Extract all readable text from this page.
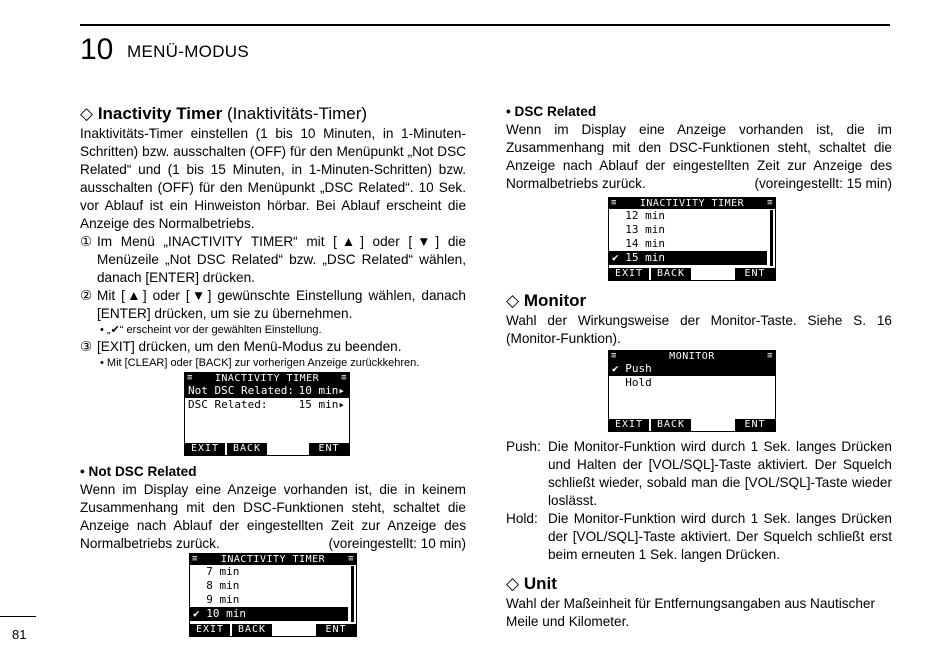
10 MENÜ-MODUS
81

◇ Inactivity Timer (Inaktivitäts-Timer)

Inaktivitäts-Timer einstellen (1 bis 10 Minuten, in 1-Minuten-Schritten) bzw. ausschalten (OFF) für den Menüpunkt „Not DSC Related“ und (1 bis 15 Minuten, in 1-Minuten-Schritten) bzw. ausschalten (OFF) für den Menüpunkt „DSC Related“. 10 Sek. vor Ablauf ist ein Hinweiston hörbar. Bei Ablauf erscheint die Anzeige des Normalbetriebs.

① Im Menü „INACTIVITY TIMER“ mit [▲] oder [▼] die Menüzeile „Not DSC Related“ bzw. „DSC Related“ wählen, danach [ENTER] drücken.
② Mit [▲] oder [▼] gewünschte Einstellung wählen, danach [ENTER] drücken, um sie zu übernehmen.
• „✔“ erscheint vor der gewählten Einstellung.
③ [EXIT] drücken, um den Menü-Modus zu beenden.
• Mit [CLEAR] oder [BACK] zur vorherigen Anzeige zurückkehren.
≡ INACTIVITY TIMER ≡
Not DSC Related: 10 min▸
DSC Related:	15 min▸
EXIT	BACK	ENT

• Not DSC Related

Wenn im Display eine Anzeige vorhanden ist, die in keinem Zusammenhang mit den DSC-Funktionen steht, schaltet die Anzeige nach Ablauf der eingestellten Zeit zur Anzeige des Normalbetriebs zurück.	(voreingestellt: 10 min)
≡ INACTIVITY TIMER	≡
7 min
8 min
9 min
✔ 10 min
EXIT	BACK	ENT

• DSC Related

Wenn im Display eine Anzeige vorhanden ist, die im Zusammenhang mit den DSC-Funktionen steht, schaltet die Anzeige nach Ablauf der eingestellten Zeit zur Anzeige des Normalbetriebs zurück.	(voreingestellt: 15 min)
≡ INACTIVITY TIMER	≡
12 min
13 min
14 min
✔ 15 min
EXIT	BACK	ENT

◇ Monitor

Wahl der Wirkungsweise der Monitor-Taste. Siehe S. 16 (Monitor-Funktion).

≡	MONITOR	≡
✔ Push
Hold
EXIT	BACK	ENT
Push: Die Monitor-Funktion wird durch 1 Sek. langes Drücken und Halten der [VOL/SQL]-Taste aktiviert. Der Squelch schließt wieder, sobald man die [VOL/SQL]-Taste wieder loslässt.
Hold: Die Monitor-Funktion wird durch 1 Sek. langes Drücken der [VOL/SQL]-Taste aktiviert. Der Squelch schließt erst beim erneuten 1 Sek. langen Drücken.

◇ Unit

Wahl der Maßeinheit für Entfernungsangaben aus Nautischer Meile und Kilometer.
